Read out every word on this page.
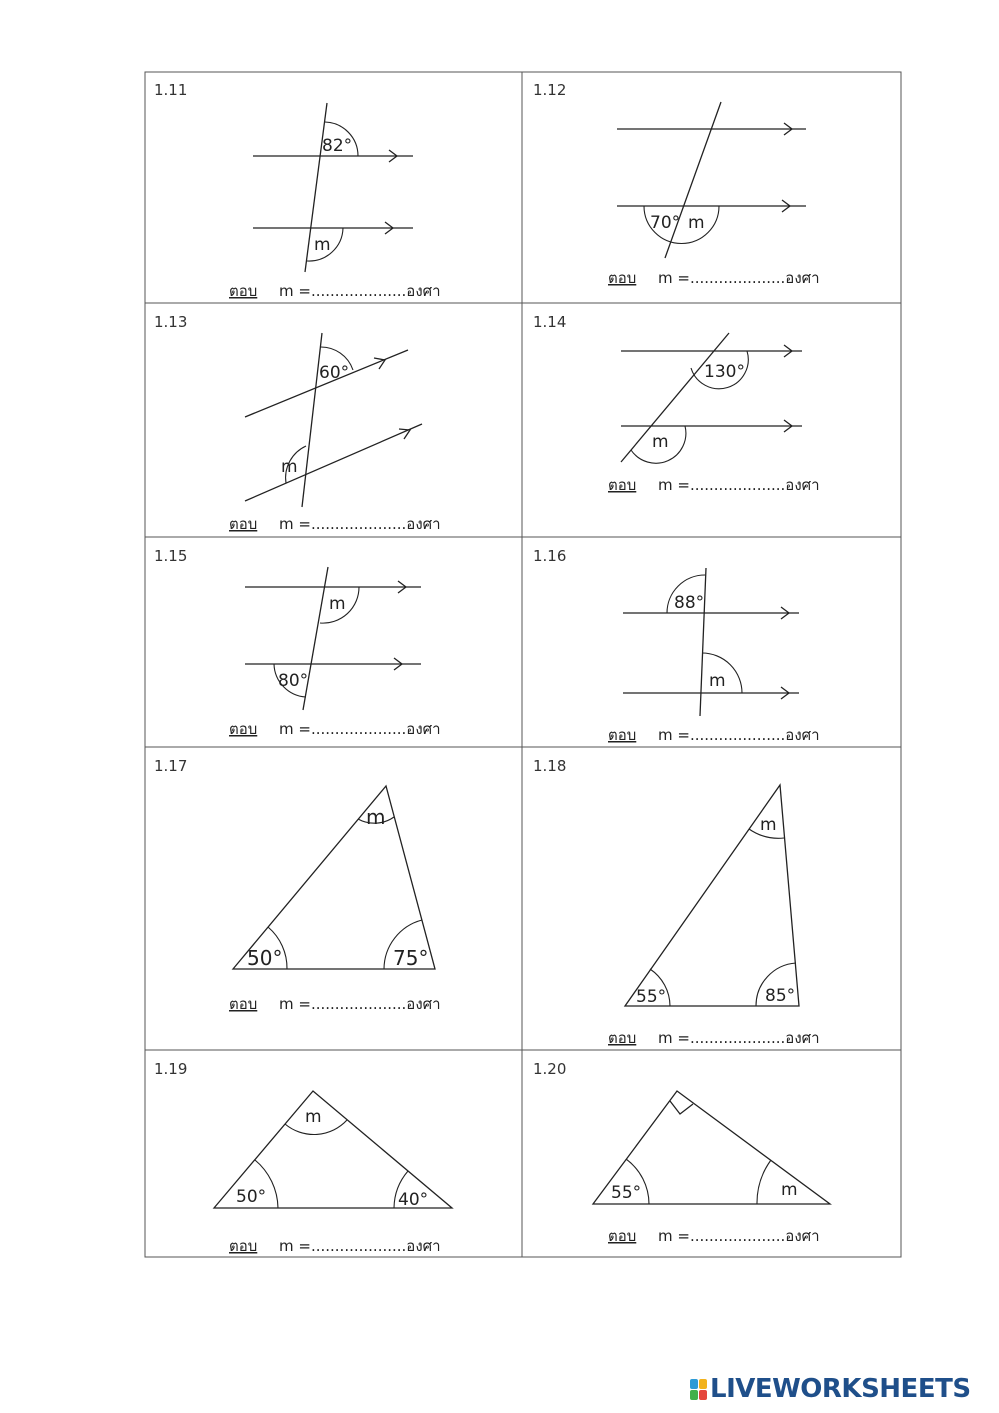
1.11
82°
m
ตอบ m =....................องศา
1.12
70° m
ตอบ m =....................องศา
1.13
60°
m
ตอบ m =....................องศา
1.14
130°
m
ตอบ m =....................องศา
1.15
m
80°
ตอบ m =....................องศา
1.16
88°
m
ตอบ m =....................องศา
1.17
m
50°	75°
ตอบ m =....................องศา
1.18
m
55°	85°
ตอบ m =....................องศา
1.19
m
50°	40°
ตอบ m =....................องศา
1.20
55°	m
ตอบ m =....................องศา
LIVEWORKSHEETS
